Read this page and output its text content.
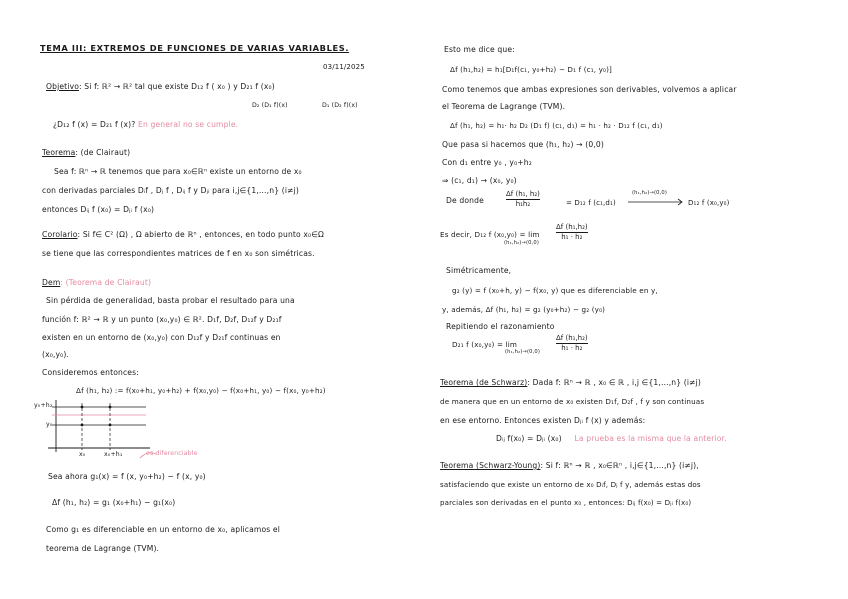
TEMA III: EXTREMOS DE FUNCIONES DE VARIAS VARIABLES.
03/11/2025
Objetivo: Si f: ℝ² → ℝ² tal que existe D₁₂ f ( x₀ ) y D₂₁ f (x₀)
D₂ (D₁ f)(x)	D₁ (D₂ f)(x)
¿D₁₂ f (x) = D₂₁ f (x)? En general no se cumple.
Teorema: (de Clairaut)
Sea f: ℝⁿ → ℝ tenemos que para x₀∈ℝⁿ existe un entorno de x₀
con derivadas parciales Dᵢf , Dⱼ f , Dᵢⱼ f y Dⱼᵢ para i,j∈{1,…,n} (i≠j)
entonces Dᵢⱼ f (x₀) = Dⱼᵢ f (x₀)
Corolario: Si f∈ C² (Ω) , Ω abierto de ℝⁿ , entonces, en todo punto x₀∈Ω
se tiene que las correspondientes matrices de f en x₀ son simétricas.
Dem: (Teorema de Clairaut)
Sin pérdida de generalidad, basta probar el resultado para una
función f: ℝ² → ℝ y un punto (x₀,y₀) ∈ ℝ². D₁f, D₂f, D₁₂f y D₂₁f
existen en un entorno de (x₀,y₀) con D₁₂f y D₂₁f continuas en
(x₀,y₀).
Consideremos entonces:
Δf (h₁, h₂) := f(x₀+h₁, y₀+h₂) + f(x₀,y₀) − f(x₀+h₁, y₀) − f(x₀, y₀+h₂)
y₀+h₂
y₀
x₀	x₀+h₁	es diferenciable
Sea ahora g₁(x) = f (x, y₀+h₂) − f (x, y₀)
Δf (h₁, h₂) = g₁ (x₀+h₁) − g₁(x₀)
Como g₁ es diferenciable en un entorno de x₀, aplicamos el
teorema de Lagrange (TVM).
Esto me dice que:
Δf (h₁,h₂) = h₁[D₁f(c₁, y₀+h₂) − D₁ f (c₁, y₀)]
Como tenemos que ambas expresiones son derivables, volvemos a aplicar
el Teorema de Lagrange (TVM).
Δf (h₁, h₂) = h₁· h₂ D₂ (D₁ f) (c₁, d₁) = h₁ · h₂ · D₁₂ f (c₁, d₁)
Que pasa si hacemos que (h₁, h₂) → (0,0)
Con d₁ entre y₀ , y₀+h₂
⇒ (c₁, d₁) → (x₀, y₀)
De donde
Δf (h₁, h₂)
h₁h₂	= D₁₂ f (c₁,d₁)
(h₁,h₂)→(0,0)
D₁₂ f (x₀,y₀)
Es decir, D₁₂ f (x₀,y₀) = lim
(h₁,h₂)→(0,0)
Δf (h₁,h₂)
h₁ · h₂
Simétricamente,
g₂ (y) = f (x₀+h, y) − f(x₀, y) que es diferenciable en y,
y, además, Δf (h₁, h₂) = g₂ (y₀+h₂) − g₂ (y₀)
Repitiendo el razonamiento
D₂₁ f (x₀,y₀) = lim
(h₁,h₂)→(0,0)
Δf (h₁,h₂)
h₁ · h₂
Teorema (de Schwarz): Dada f: ℝⁿ → ℝ , x₀ ∈ ℝ , i,j ∈{1,…,n} (i≠j)
de manera que en un entorno de x₀ existen D₁f, D₂f , f y son continuas
en ese entorno. Entonces existen Dⱼᵢ f (x) y además:
Dᵢⱼ f(x₀) = Dⱼᵢ (x₀) La prueba es la misma que la anterior.
Teorema (Schwarz-Young): Si f: ℝⁿ → ℝ , x₀∈ℝⁿ , i,j∈{1,…,n} (i≠j),
satisfaciendo que existe un entorno de x₀ Dᵢf, Dⱼ f y, además estas dos
parciales son derivadas en el punto x₀ , entonces: Dᵢⱼ f(x₀) = Dⱼᵢ f(x₀)
